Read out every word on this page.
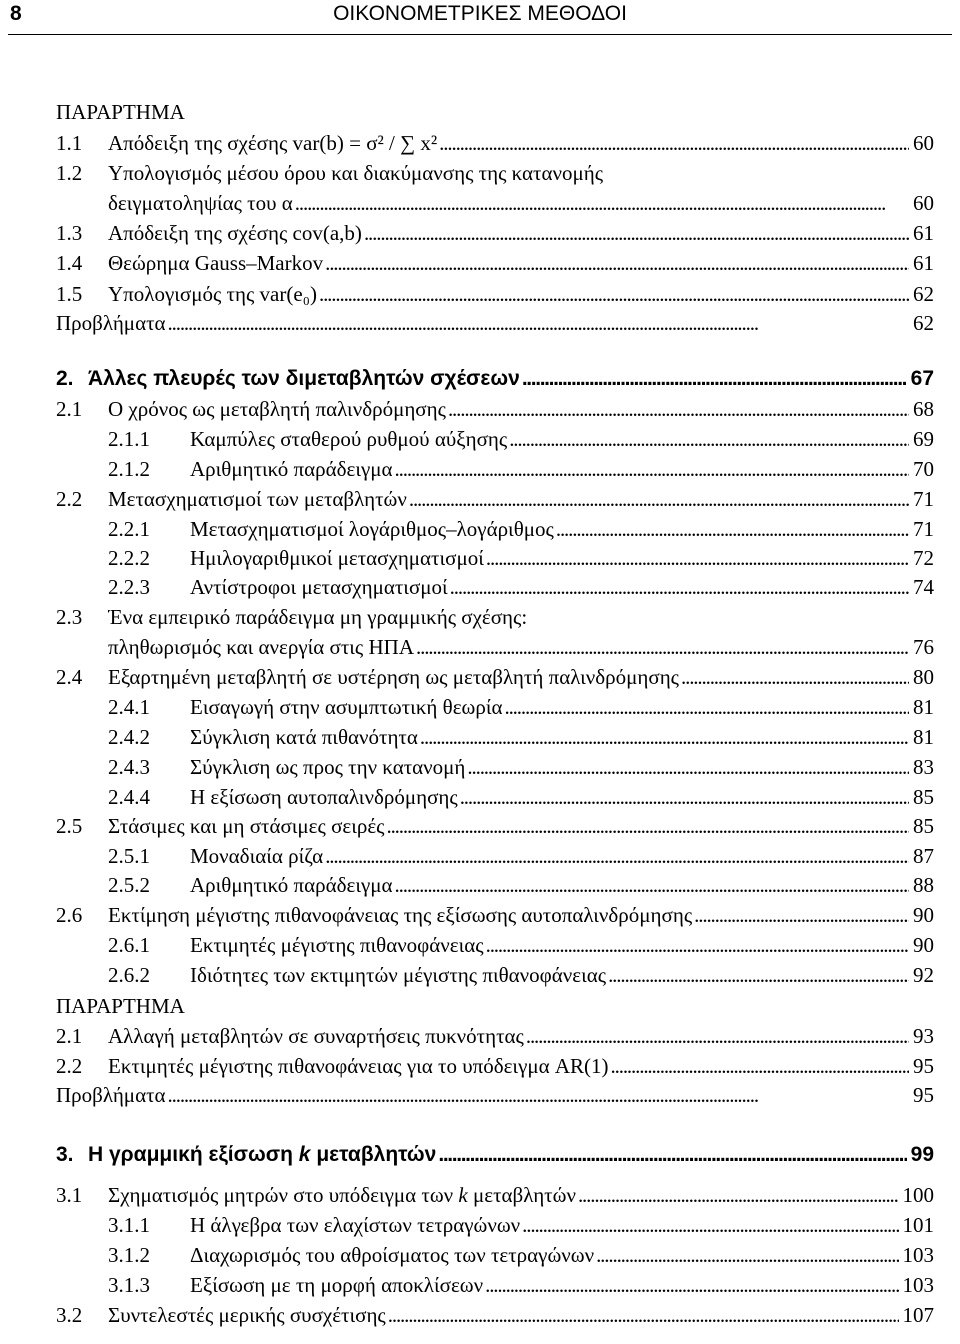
8	ΟΙΚΟΝΟΜΕΤΡΙΚΕΣ ΜΕΘΟΔΟΙ
ΠΑΡΑΡΤΗΜΑ
1.1 Απόδειξη της σχέσης var(b) = σ² / ∑ x² . . .	60
1.2 Υπολογισμός μέσου όρου και διακύμανσης της κατανομής
δειγματοληψίας του α . . .	60
1.3 Απόδειξη της σχέσης cov(a,b) . . .	61
1.4 Θεώρημα Gauss–Markov . . .	61
1.5 Υπολογισμός της var(e₀) . . .	62
Προβλήματα . . .	62
2. Άλλες πλευρές των διμεταβλητών σχέσεων . . .	67
2.1 Ο χρόνος ως μεταβλητή παλινδρόμησης . . .	68
2.1.1 Καμπύλες σταθερού ρυθμού αύξησης . . .	69
2.1.2 Αριθμητικό παράδειγμα . . .	70
2.2 Μετασχηματισμοί των μεταβλητών . . .	71
2.2.1 Μετασχηματισμοί λογάριθμος–λογάριθμος . . .	71
2.2.2 Ημιλογαριθμικοί μετασχηματισμοί . . .	72
2.2.3 Αντίστροφοι μετασχηματισμοί . . .	74
2.3 Ένα εμπειρικό παράδειγμα μη γραμμικής σχέσης:
πληθωρισμός και ανεργία στις ΗΠΑ . . .	76
2.4 Εξαρτημένη μεταβλητή σε υστέρηση ως μεταβλητή παλινδρόμησης . . .	80
2.4.1 Εισαγωγή στην ασυμπτωτική θεωρία . . .	81
2.4.2 Σύγκλιση κατά πιθανότητα . . .	81
2.4.3 Σύγκλιση ως προς την κατανομή . . .	83
2.4.4 Η εξίσωση αυτοπαλινδρόμησης . . .	85
2.5 Στάσιμες και μη στάσιμες σειρές . . .	85
2.5.1 Μοναδιαία ρίζα . . .	87
2.5.2 Αριθμητικό παράδειγμα . . .	88
2.6 Εκτίμηση μέγιστης πιθανοφάνειας της εξίσωσης αυτοπαλινδρόμησης . . .	90
2.6.1 Εκτιμητές μέγιστης πιθανοφάνειας . . .	90
2.6.2 Ιδιότητες των εκτιμητών μέγιστης πιθανοφάνειας . . .	92
ΠΑΡΑΡΤΗΜΑ
2.1 Αλλαγή μεταβλητών σε συναρτήσεις πυκνότητας . . .	93
2.2 Εκτιμητές μέγιστης πιθανοφάνειας για το υπόδειγμα AR(1) . . .	95
Προβλήματα . . .	95
3. Η γραμμική εξίσωση k μεταβλητών . . .	99
3.1 Σχηματισμός μητρών στο υπόδειγμα των k μεταβλητών . . .	100
3.1.1 Η άλγεβρα των ελαχίστων τετραγώνων . . .	101
3.1.2 Διαχωρισμός του αθροίσματος των τετραγώνων . . .	103
3.1.3 Εξίσωση με τη μορφή αποκλίσεων . . .	103
3.2 Συντελεστές μερικής συσχέτισης . . .	107
